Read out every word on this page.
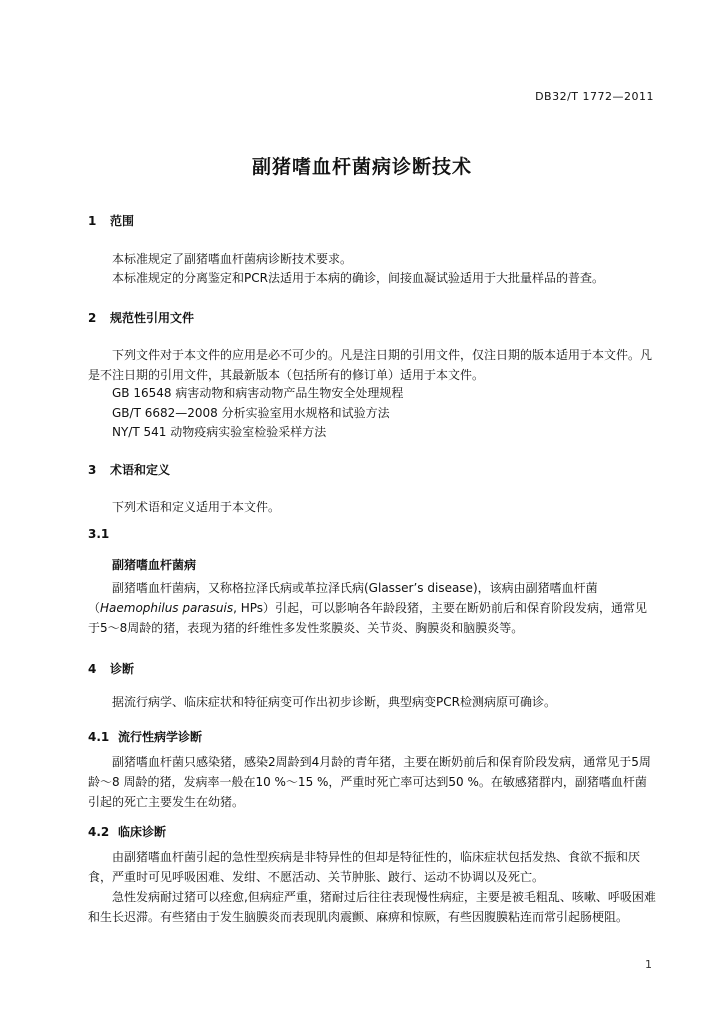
DB32/T 1772—2011
副猪嗜血杆菌病诊断技术
1 范围
本标准规定了副猪嗜血杆菌病诊断技术要求。
本标准规定的分离鉴定和PCR法适用于本病的确诊，间接血凝试验适用于大批量样品的普查。
2 规范性引用文件
下列文件对于本文件的应用是必不可少的。凡是注日期的引用文件，仅注日期的版本适用于本文件。凡是不注日期的引用文件，其最新版本（包括所有的修订单）适用于本文件。
GB 16548 病害动物和病害动物产品生物安全处理规程
GB/T 6682—2008 分析实验室用水规格和试验方法
NY/T 541 动物疫病实验室检验采样方法
3 术语和定义
下列术语和定义适用于本文件。
3.1
副猪嗜血杆菌病
副猪嗜血杆菌病，又称格拉泽氏病或革拉泽氏病(Glasser’s disease)，该病由副猪嗜血杆菌（Haemophilus parasuis, HPs）引起，可以影响各年龄段猪，主要在断奶前后和保育阶段发病，通常见于5～8周龄的猪，表现为猪的纤维性多发性浆膜炎、关节炎、胸膜炎和脑膜炎等。
4 诊断
据流行病学、临床症状和特征病变可作出初步诊断，典型病变PCR检测病原可确诊。
4.1 流行性病学诊断
副猪嗜血杆菌只感染猪，感染2周龄到4月龄的青年猪，主要在断奶前后和保育阶段发病，通常见于5周龄～8 周龄的猪，发病率一般在10 %～15 %，严重时死亡率可达到50 %。在敏感猪群内，副猪嗜血杆菌引起的死亡主要发生在幼猪。
4.2 临床诊断
由副猪嗜血杆菌引起的急性型疾病是非特异性的但却是特征性的，临床症状包括发热、食欲不振和厌食，严重时可见呼吸困难、发绀、不愿活动、关节肿胀、跛行、运动不协调以及死亡。
急性发病耐过猪可以痊愈,但病症严重，猪耐过后往往表现慢性病症，主要是被毛粗乱、咳嗽、呼吸困难和生长迟滞。有些猪由于发生脑膜炎而表现肌肉震颤、麻痹和惊厥，有些因腹膜粘连而常引起肠梗阻。
1
